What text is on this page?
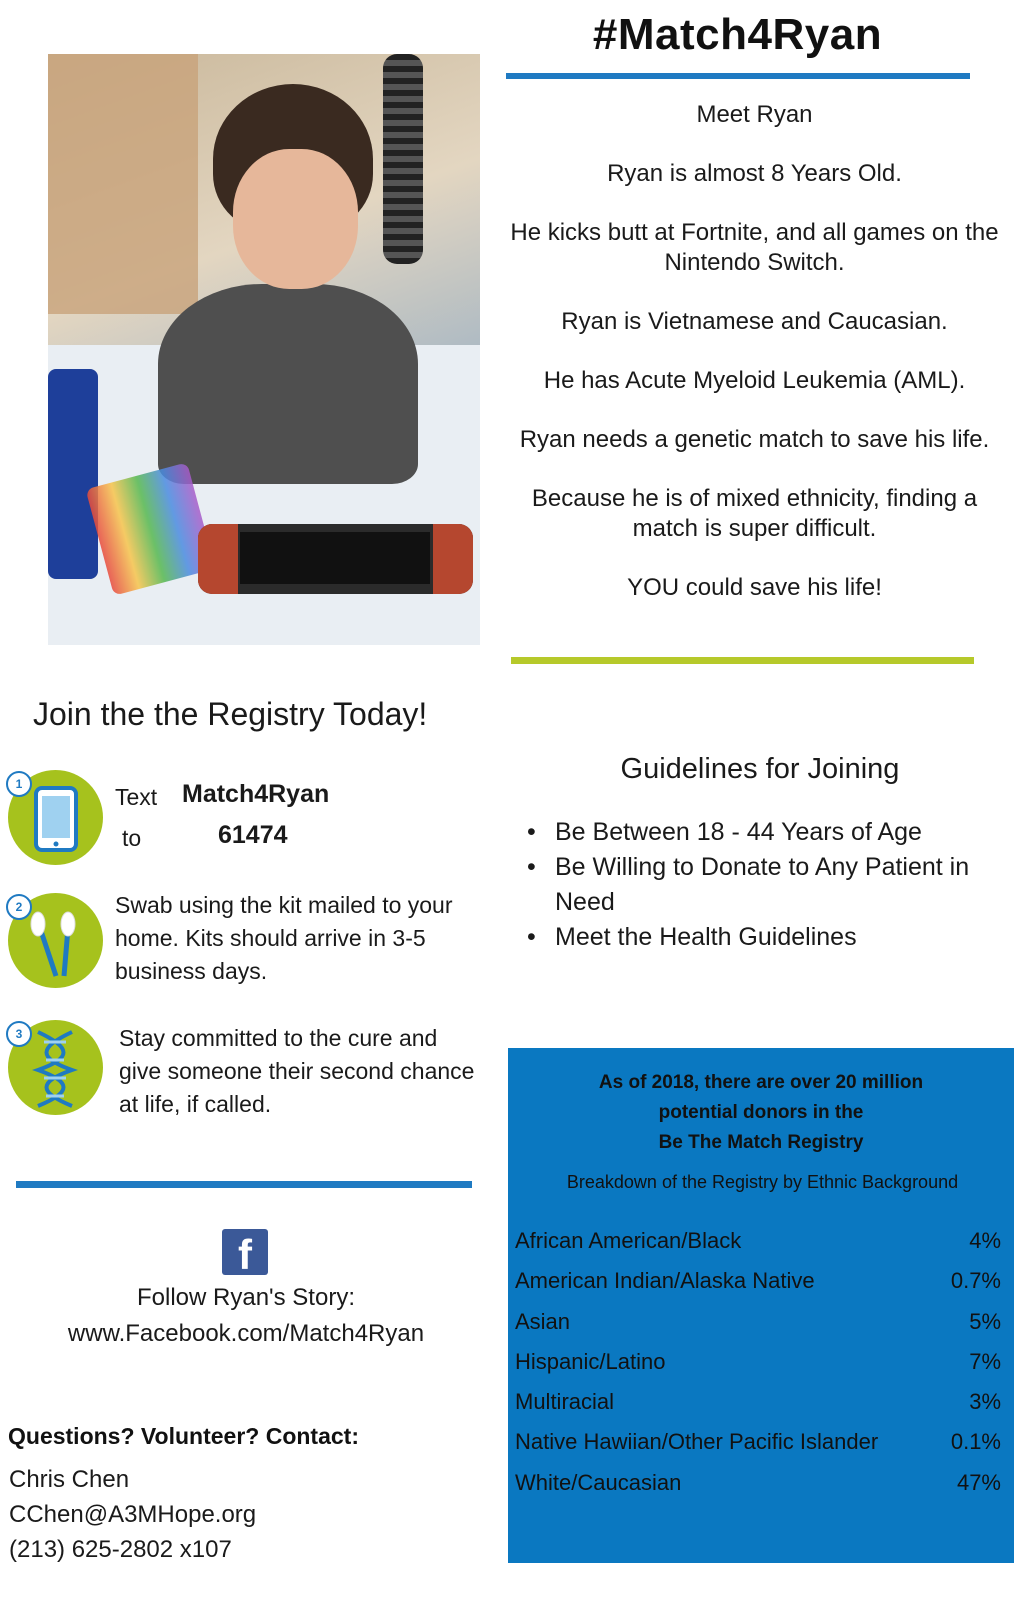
#Match4Ryan

Meet Ryan

Ryan is almost 8 Years Old.

He kicks butt at Fortnite, and all games on the Nintendo Switch.

Ryan is Vietnamese and Caucasian.

He has Acute Myeloid Leukemia (AML).

Ryan needs a genetic match to save his life.

Because he is of mixed ethnicity, finding a match is super difficult.

YOU could save his life!

Join the the Registry Today!
1	Text Match4Ryan
to	61474
2	Swab using the kit mailed to your home. Kits should arrive in 3-5 business days.
3	Stay committed to the cure and give someone their second chance at life, if called.
Guidelines for Joining
• Be Between 18 - 44 Years of Age
• Be Willing to Donate to Any Patient in Need
• Meet the Health Guidelines
f
Follow Ryan's Story:
www.Facebook.com/Match4Ryan
Questions? Volunteer? Contact:
Chris Chen
CChen@A3MHope.org
(213) 625-2802 x107
As of 2018, there are over 20 million
potential donors in the
Be The Match Registry
Breakdown of the Registry by Ethnic Background
African American/Black	4%
American Indian/Alaska Native	0.7%
Asian	5%
Hispanic/Latino	7%
Multiracial	3%
Native Hawiian/Other Pacific Islander	0.1%
White/Caucasian	47%
